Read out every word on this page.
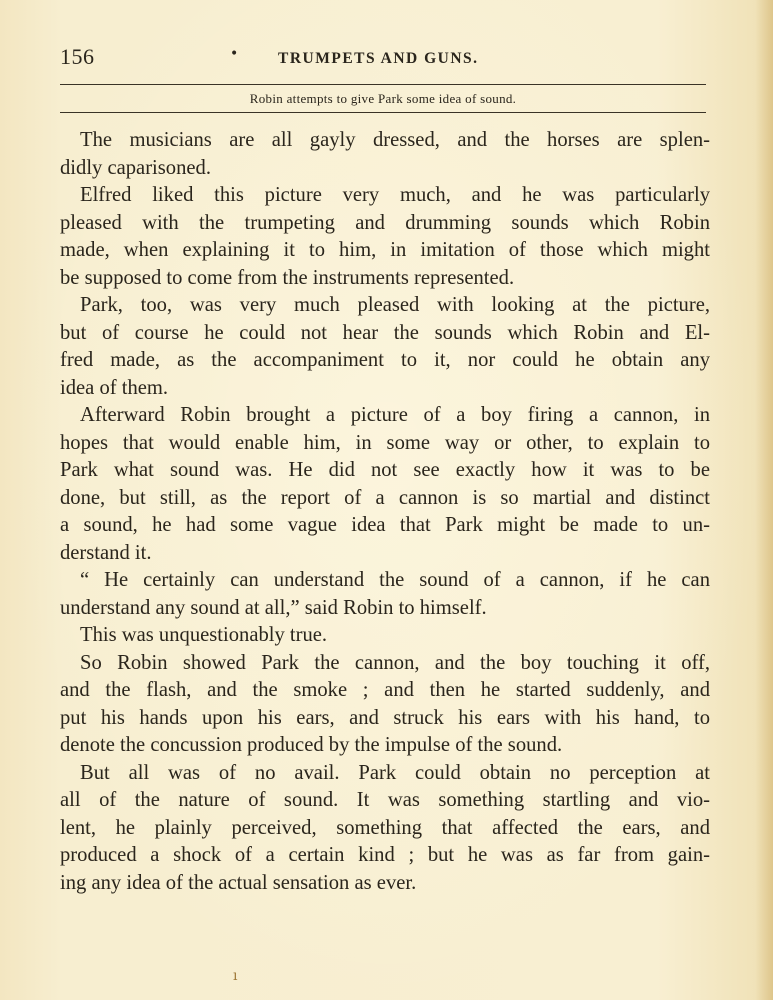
156	•	TRUMPETS AND GUNS.
Robin attempts to give Park some idea of sound.
The musicians are all gayly dressed, and the horses are splen-
didly caparisoned.
Elfred liked this picture very much, and he was particularly
pleased with the trumpeting and drumming sounds which Robin
made, when explaining it to him, in imitation of those which might
be supposed to come from the instruments represented.
Park, too, was very much pleased with looking at the picture,
but of course he could not hear the sounds which Robin and El-
fred made, as the accompaniment to it, nor could he obtain any
idea of them.
Afterward Robin brought a picture of a boy firing a cannon, in
hopes that would enable him, in some way or other, to explain to
Park what sound was. He did not see exactly how it was to be
done, but still, as the report of a cannon is so martial and distinct
a sound, he had some vague idea that Park might be made to un-
derstand it.
“ He certainly can understand the sound of a cannon, if he can
understand any sound at all,” said Robin to himself.
This was unquestionably true.
So Robin showed Park the cannon, and the boy touching it off,
and the flash, and the smoke ; and then he started suddenly, and
put his hands upon his ears, and struck his ears with his hand, to
denote the concussion produced by the impulse of the sound.
But all was of no avail. Park could obtain no perception at
all of the nature of sound. It was something startling and vio-
lent, he plainly perceived, something that affected the ears, and
produced a shock of a certain kind ; but he was as far from gain-
ing any idea of the actual sensation as ever.
ı
